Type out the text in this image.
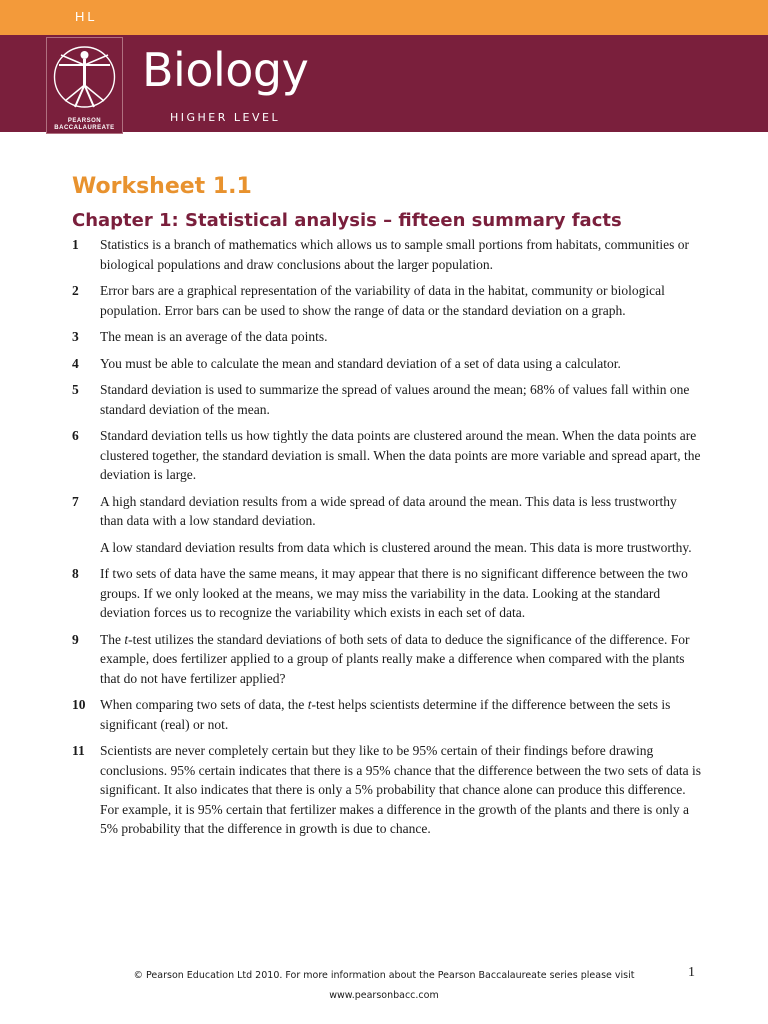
HL
PEARSON
BACCALAUREATE
Biology
HIGHER LEVEL
Worksheet 1.1
Chapter 1: Statistical analysis – fifteen summary facts
1	Statistics is a branch of mathematics which allows us to sample small portions from habitats, communities or biological populations and draw conclusions about the larger population.

2	Error bars are a graphical representation of the variability of data in the habitat, community or biological population. Error bars can be used to show the range of data or the standard deviation on a graph.

3	The mean is an average of the data points.

4	You must be able to calculate the mean and standard deviation of a set of data using a calculator.

5	Standard deviation is used to summarize the spread of values around the mean; 68% of values fall within one standard deviation of the mean.

6	Standard deviation tells us how tightly the data points are clustered around the mean. When the data points are clustered together, the standard deviation is small. When the data points are more variable and spread apart, the deviation is large.

7	A high standard deviation results from a wide spread of data around the mean. This data is less trustworthy than data with a low standard deviation.

A low standard deviation results from data which is clustered around the mean. This data is more trustworthy.

8	If two sets of data have the same means, it may appear that there is no significant difference between the two groups. If we only looked at the means, we may miss the variability in the data. Looking at the standard deviation forces us to recognize the variability which exists in each set of data.

9	The t-test utilizes the standard deviations of both sets of data to deduce the significance of the difference. For example, does fertilizer applied to a group of plants really make a difference when compared with the plants that do not have fertilizer applied?

10	When comparing two sets of data, the t-test helps scientists determine if the difference between the sets is significant (real) or not.

11	Scientists are never completely certain but they like to be 95% certain of their findings before drawing conclusions. 95% certain indicates that there is a 95% chance that the difference between the two sets of data is significant. It also indicates that there is only a 5% probability that chance alone can produce this difference. For example, it is 95% certain that fertilizer makes a difference in the growth of the plants and there is only a 5% probability that the difference in growth is due to chance.

© Pearson Education Ltd 2010. For more information about the Pearson Baccalaureate series please visit
www.pearsonbacc.com
1
